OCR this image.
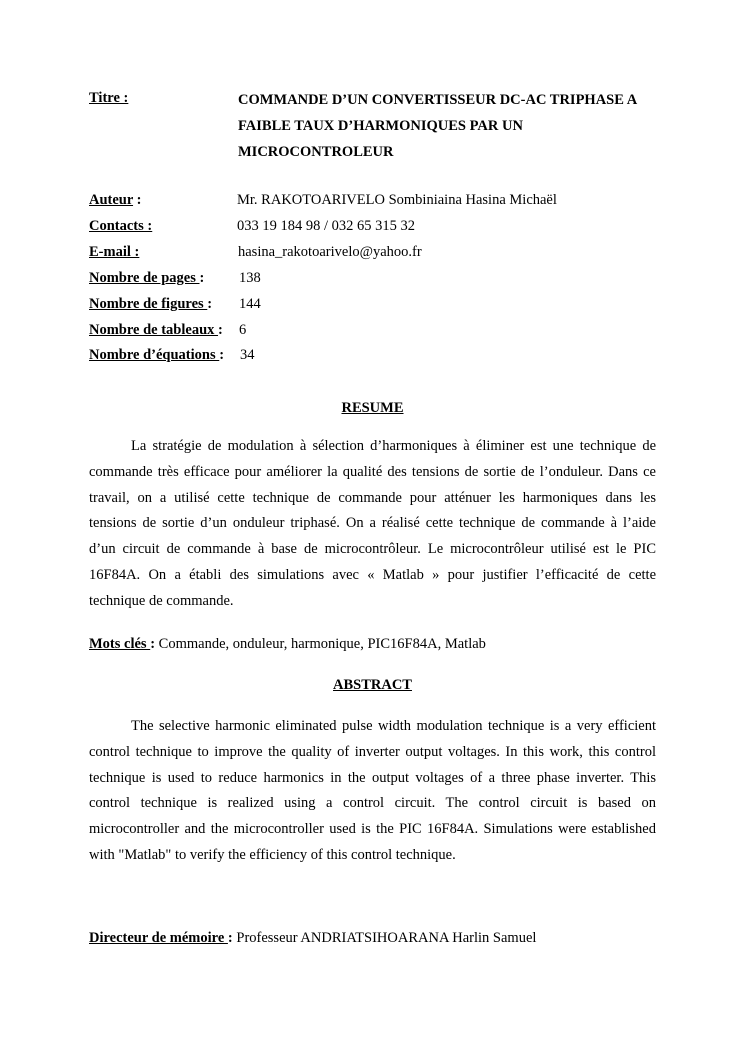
Titre :	COMMANDE D’UN CONVERTISSEUR DC-AC TRIPHASE A
FAIBLE TAUX D’HARMONIQUES PAR UN
MICROCONTROLEUR
Auteur :	Mr. RAKOTOARIVELO Sombiniaina Hasina Michaël
Contacts :	033 19 184 98 / 032 65 315 32
E-mail :	hasina_rakotoarivelo@yahoo.fr
Nombre de pages : 138
Nombre de figures : 144
Nombre de tableaux : 6
Nombre d’équations : 34
RESUME
La stratégie de modulation à sélection d’harmoniques à éliminer est une technique de
commande très efficace pour améliorer la qualité des tensions de sortie de l’onduleur. Dans ce
travail, on a utilisé cette technique de commande pour atténuer les harmoniques dans les
tensions de sortie d’un onduleur triphasé. On a réalisé cette technique de commande à l’aide
d’un circuit de commande à base de microcontrôleur. Le microcontrôleur utilisé est le PIC
16F84A. On a établi des simulations avec « Matlab » pour justifier l’efficacité de cette
technique de commande.
Mots clés : Commande, onduleur, harmonique, PIC16F84A, Matlab
ABSTRACT
The selective harmonic eliminated pulse width modulation technique is a very efficient
control technique to improve the quality of inverter output voltages. In this work, this control
technique is used to reduce harmonics in the output voltages of a three phase inverter. This
control technique is realized using a control circuit. The control circuit is based on
microcontroller and the microcontroller used is the PIC 16F84A. Simulations were established
with "Matlab" to verify the efficiency of this control technique.
Directeur de mémoire : Professeur ANDRIATSIHOARANA Harlin Samuel
